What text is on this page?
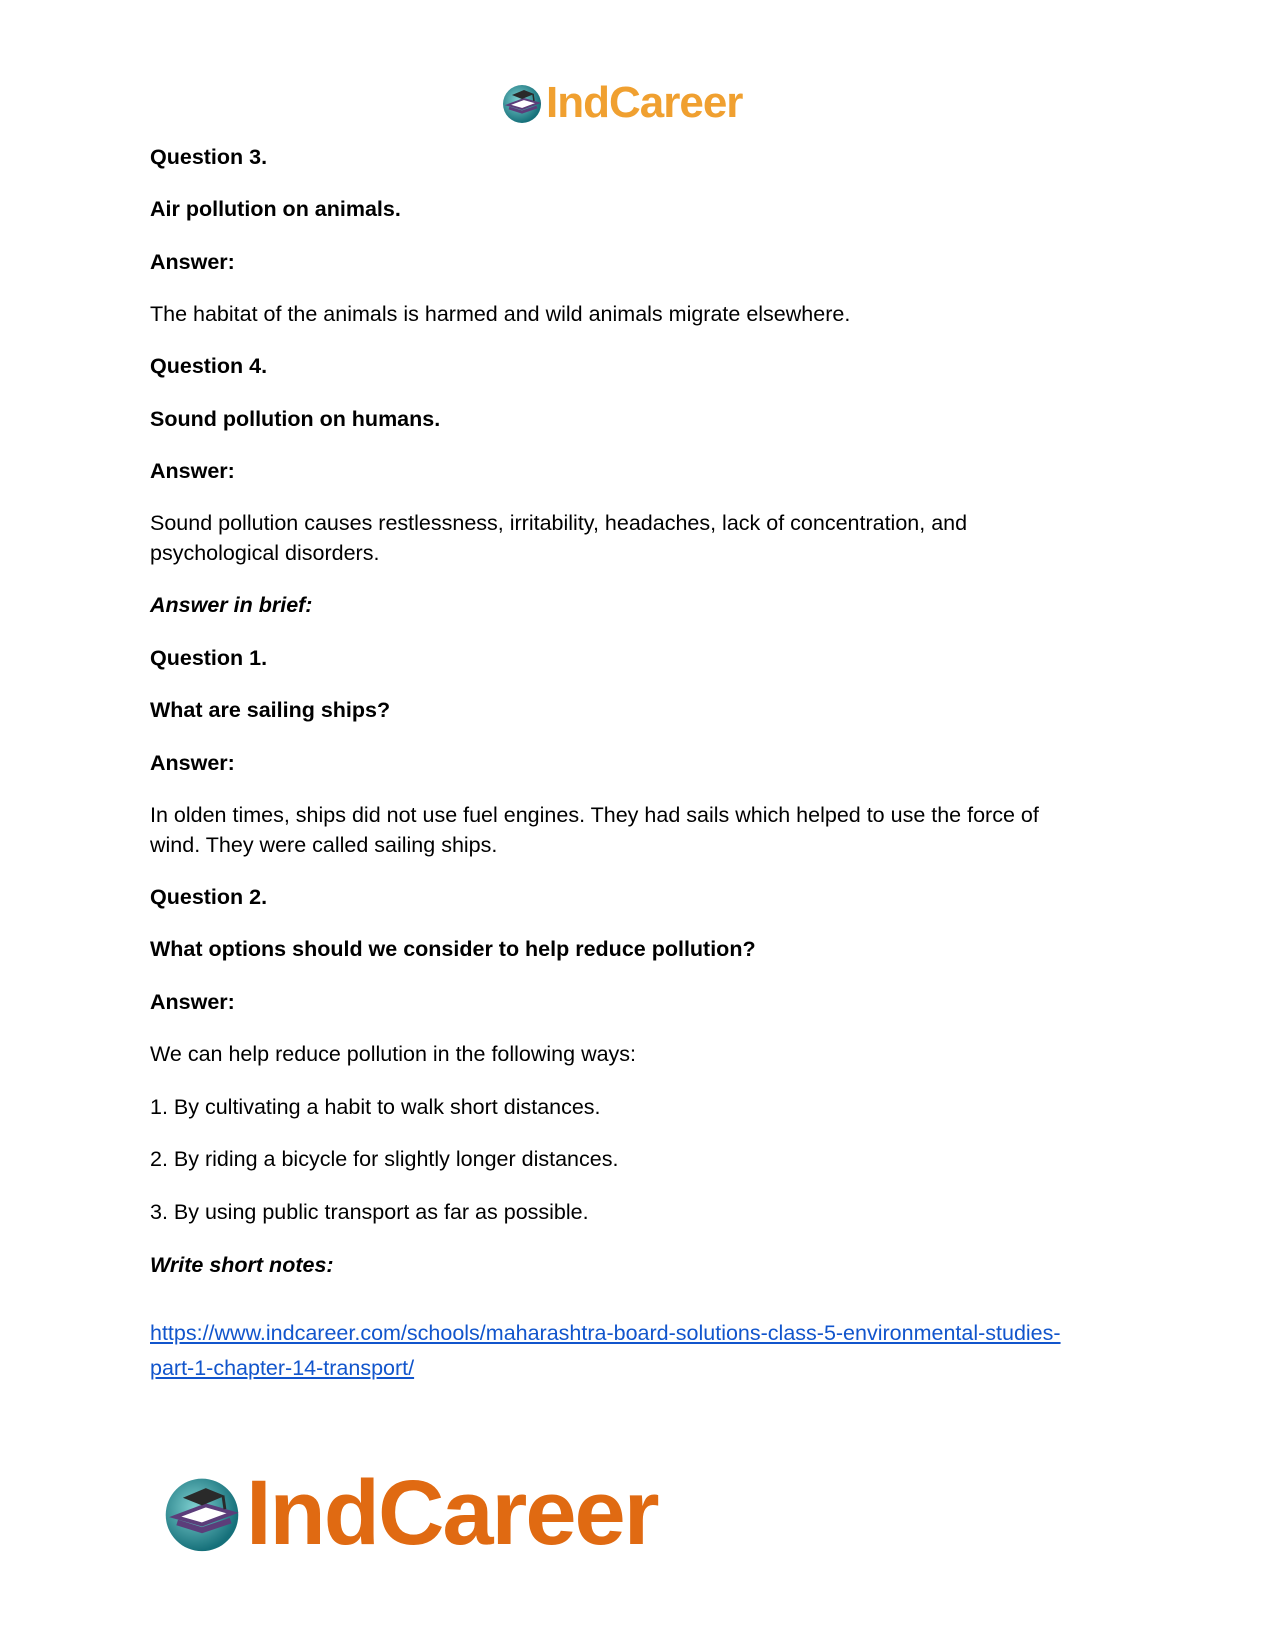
IndCareer
Question 3.
Air pollution on animals.
Answer:
The habitat of the animals is harmed and wild animals migrate elsewhere.
Question 4.
Sound pollution on humans.
Answer:
Sound pollution causes restlessness, irritability, headaches, lack of concentration, and
psychological disorders.
Answer in brief:
Question 1.
What are sailing ships?
Answer:
In olden times, ships did not use fuel engines. They had sails which helped to use the force of
wind. They were called sailing ships.
Question 2.
What options should we consider to help reduce pollution?
Answer:
We can help reduce pollution in the following ways:
1. By cultivating a habit to walk short distances.
2. By riding a bicycle for slightly longer distances.
3. By using public transport as far as possible.
Write short notes:
https://www.indcareer.com/schools/maharashtra-board-solutions-class-5-environmental-studies-
part-1-chapter-14-transport/
IndCareer
